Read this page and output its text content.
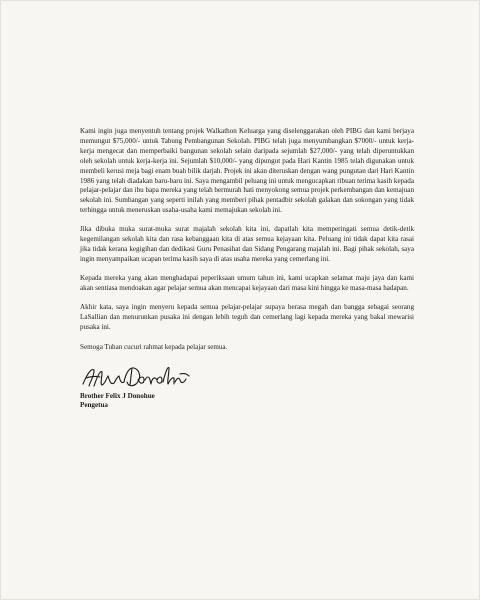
Kami ingin juga menyentuh tentang projek Walkathon Keluarga yang diselenggarakan oleh PIBG dan kami berjaya memungut $75,000/- untuk Tabung Pembangunan Sekolah. PIBG telah juga menyumbangkan $7000/- untuk kerja-kerja mengecat dan memperbaiki bangunan sekolah selain daripada sejumlah $27,000/- yang telah diperuntukkan oleh sekolah untuk kerja-kerja ini. Sejumlah $10,000/- yang dipungut pada Hari Kantin 1985 telah digunakan untuk membeli kerusi meja bagi enam buah bilik darjah. Projek ini akan diteruskan dengan wang pungutan dari Hari Kantin 1986 yang telah diadakan baru-baru ini. Saya mengambil peluang ini untuk mengucapkan ribuan terima kasih kepada pelajar-pelajar dan ibu bapa mereka yang telah bermurah hati menyokong semua projek perkembangan dan kemajuan sekolah ini. Sumbangan yang seperti inilah yang memberi pihak pentadbir sekolah galakan dan sokongan yang tidak terhingga untuk meneruskan usaha-usaha kami memajukan sekolah ini.

Jika dibuka muka surat-muka surat majalah sekolah kita ini, dapatlah kita memperingati semua detik-detik kegemilangan sekolah kita dan rasa kebanggaan kita di atas semua kejayaan kita. Peluang ini tidak dapat kita rasai jika tidak kerana kegigihan dan dedikasi Guru Penasihat dan Sidang Pengarang majalah ini. Bagi pihak sekolah, saya ingin menyampaikan ucapan terima kasih saya di atas usaha mereka yang cemerlang ini.

Kepada mereka yang akan menghadapai peperiksaan umum tahun ini, kami ucapkan selamat maju jaya dan kami akan sentiasa mendoakan agar pelajar semua akan mencapai kejayaan dari masa kini hingga ke masa-masa hadapan.

Akhir kata, saya ingin menyeru kepada semua pelajar-pelajar supaya berasa megah dan bangga sebagai seorang LaSallian dan menurunkan pusaka ini dengan lebih teguh dan cemerlang lagi kepada mereka yang bakal mewarisi pusaka ini.

Semoga Tuhan cucuri rahmat kepada pelajar semua.

Brother Felix J Donohue

Pengetua
